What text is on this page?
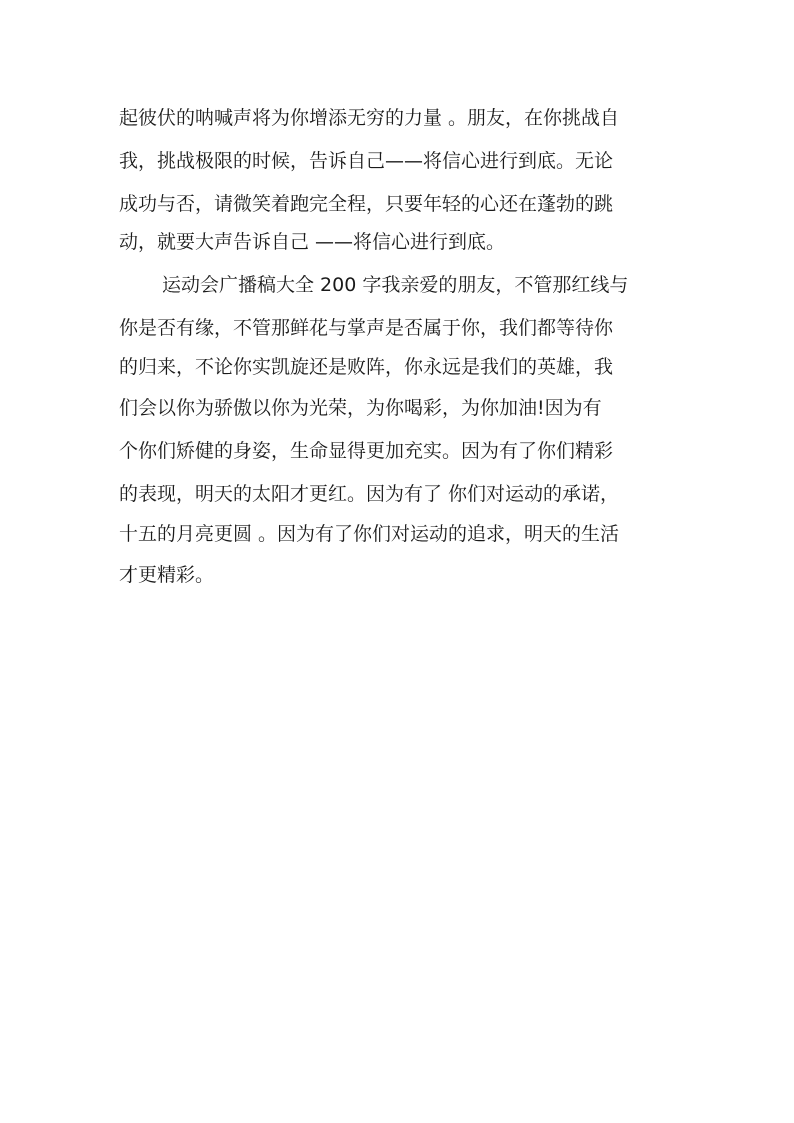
起彼伏的呐喊声将为你增添无穷的力量 。朋友，在你挑战自
我，挑战极限的时候，告诉自己——将信心进行到底。无论
成功与否，请微笑着跑完全程，只要年轻的心还在蓬勃的跳
动，就要大声告诉自己 ——将信心进行到底。
运动会广播稿大全 200 字我亲爱的朋友，不管那红线与
你是否有缘，不管那鲜花与掌声是否属于你，我们都等待你
的归来，不论你实凯旋还是败阵，你永远是我们的英雄，我
们会以你为骄傲以你为光荣，为你喝彩，为你加油!因为有
个你们矫健的身姿，生命显得更加充实。因为有了你们精彩
的表现，明天的太阳才更红。因为有了 你们对运动的承诺，
十五的月亮更圆 。因为有了你们对运动的追求，明天的生活
才更精彩。
